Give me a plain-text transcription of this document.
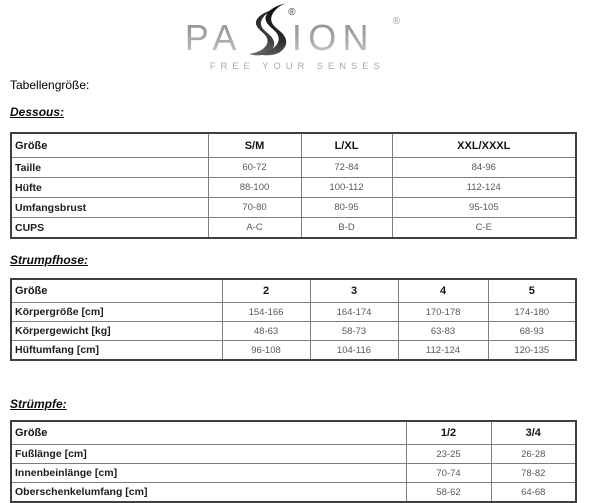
PA
®
ION ®
FREE YOUR SENSES
Tabellengröße:
Dessous:
Größe	S/M	L/XL	XXL/XXXL
Taille	60-72	72-84	84-96
Hüfte	88-100	100-112	112-124
Umfangsbrust	70-80	80-95	95-105
CUPS	A-C	B-D	C-E
Strumpfhose:
Größe	2	3	4	5
Körpergröße [cm]	154-166	164-174	170-178	174-180
Körpergewicht [kg]	48-63	58-73	63-83	68-93
Hüftumfang [cm]	96-108	104-116	112-124	120-135
Strümpfe:
Größe	1/2	3/4
Fußlänge [cm]	23-25	26-28
Innenbeinlänge [cm]	70-74	78-82
Oberschenkelumfang [cm]	58-62	64-68
